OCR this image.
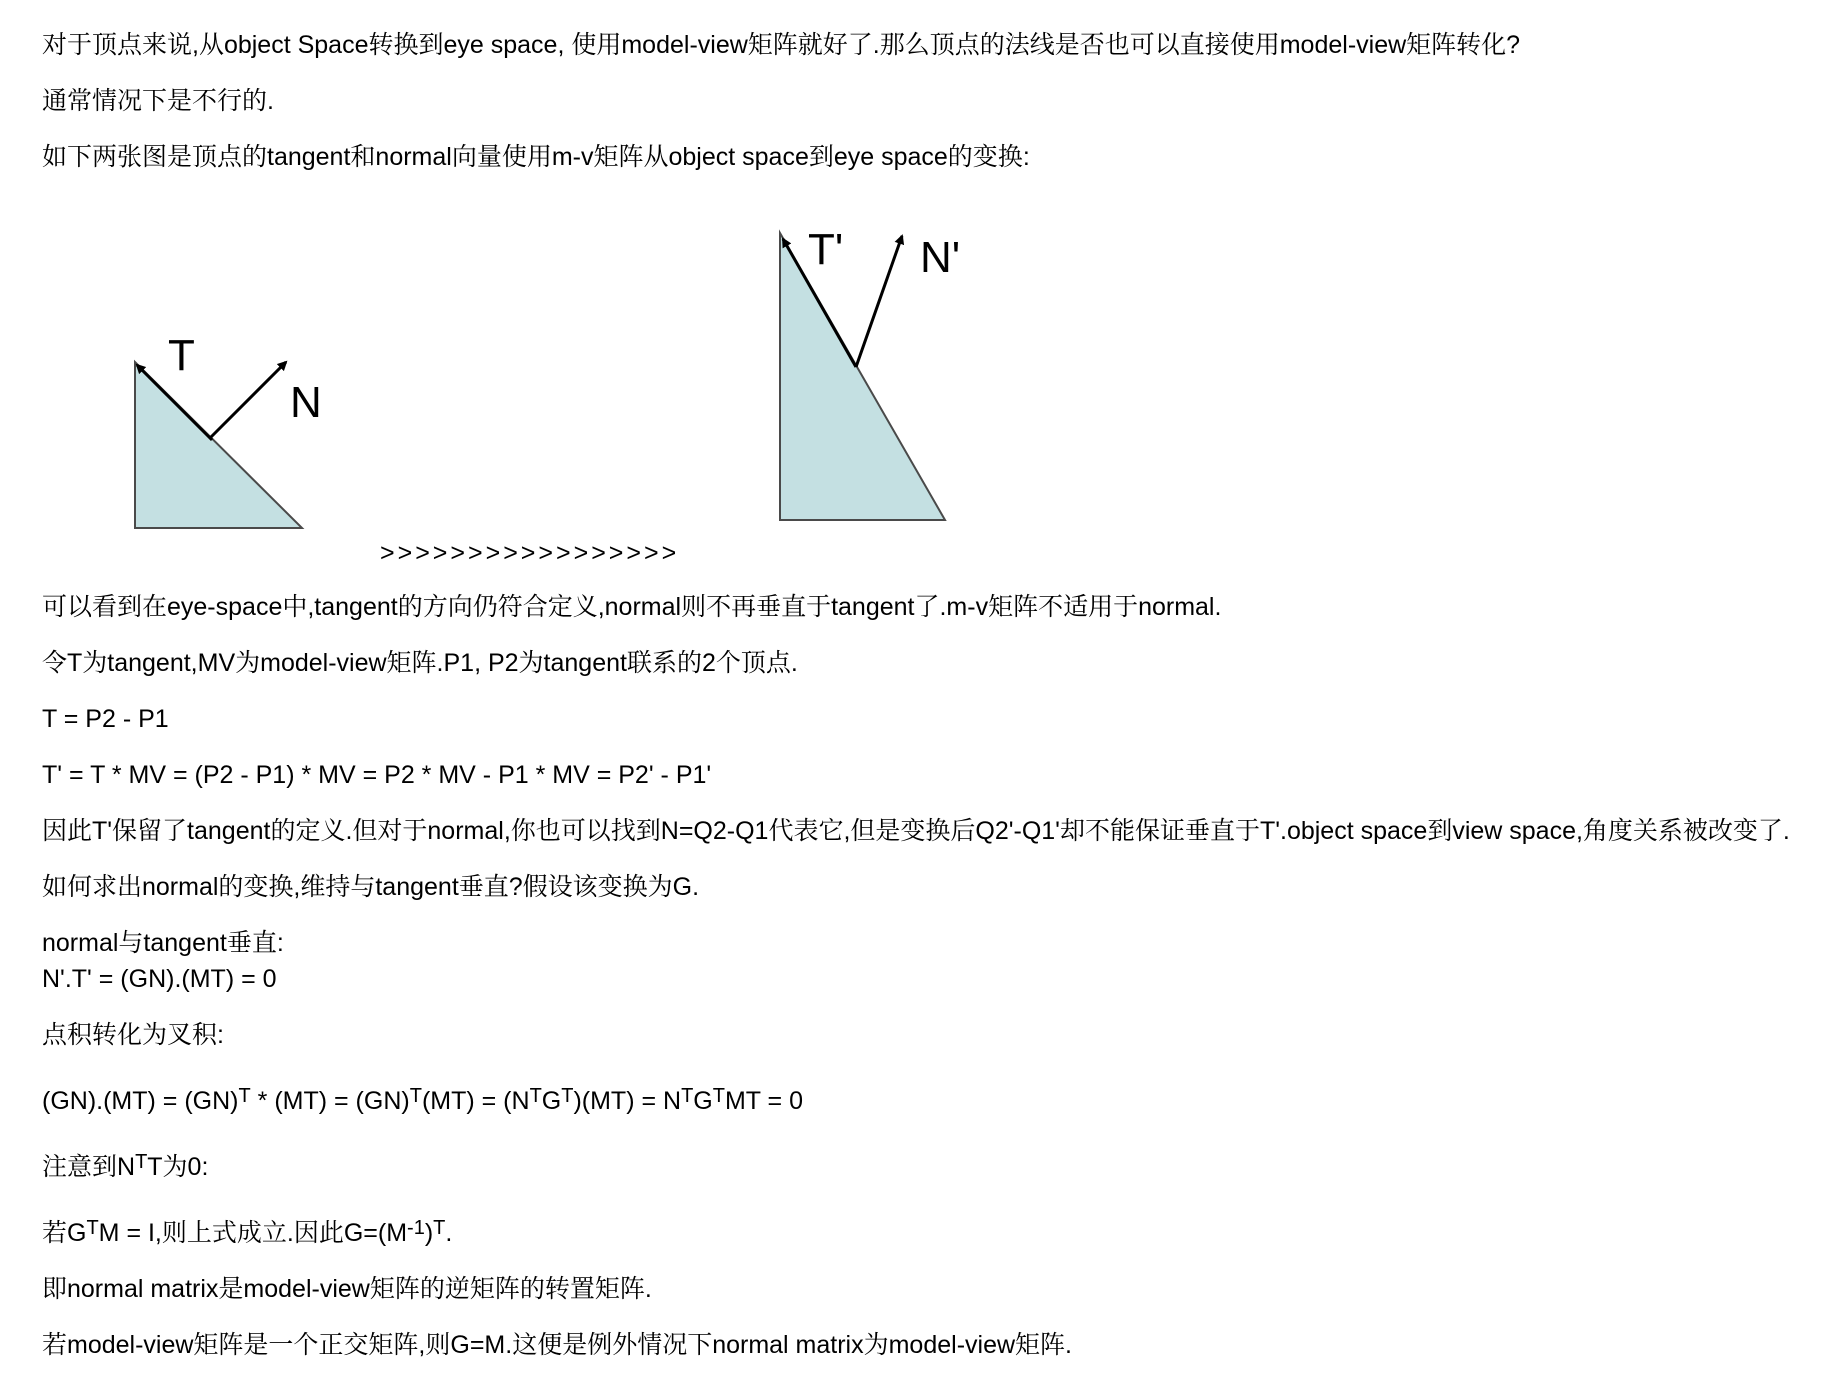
对于顶点来说,从object Space转换到eye space, 使用model-view矩阵就好了.那么顶点的法线是否也可以直接使用model-view矩阵转化?
通常情况下是不行的.
如下两张图是顶点的tangent和normal向量使用m-v矩阵从object space到eye space的变换:
T
N
T' N'
>>>>>>>>>>>>>>>>>
可以看到在eye-space中,tangent的方向仍符合定义,normal则不再垂直于tangent了.m-v矩阵不适用于normal.
令T为tangent,MV为model-view矩阵.P1, P2为tangent联系的2个顶点.
T = P2 - P1
T' = T * MV = (P2 - P1) * MV = P2 * MV - P1 * MV = P2' - P1'
因此T'保留了tangent的定义.但对于normal,你也可以找到N=Q2-Q1代表它,但是变换后Q2'-Q1'却不能保证垂直于T'.object space到view space,角度关系被改变了.
如何求出normal的变换,维持与tangent垂直?假设该变换为G.
normal与tangent垂直:
N'.T' = (GN).(MT) = 0
点积转化为叉积:
$(GN).(MT) = (GN)^T * (MT) = (GN)^T(MT) = (N^TG^T)(MT) = N^TG^TMT = 0$
注意到$N^TT$为0:
若$G^TM = I$,则上式成立.因此$G=(M^{-1})^T$.
即normal matrix是model-view矩阵的逆矩阵的转置矩阵.
若model-view矩阵是一个正交矩阵,则G=M.这便是例外情况下normal matrix为model-view矩阵.
